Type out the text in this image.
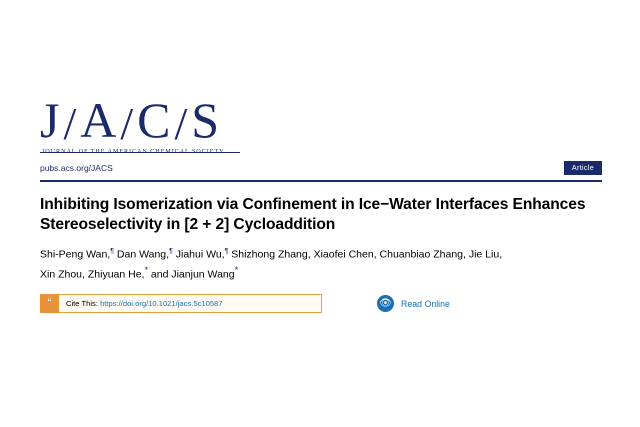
J / A / C / S
pubs.acs.org/JACS	Article
Inhibiting Isomerization via Confinement in Ice−Water Interfaces Enhances Stereoselectivity in [2 + 2] Cycloaddition
Shi-Peng Wan,¶ Dan Wang,¶ Jiahui Wu,¶ Shizhong Zhang, Xiaofei Chen, Chuanbiao Zhang, Jie Liu,
Xin Zhou, Zhiyuan He,* and Jianjun Wang*
“	Cite This: https://doi.org/10.1021/jacs.5c10587	👁	Read Online
